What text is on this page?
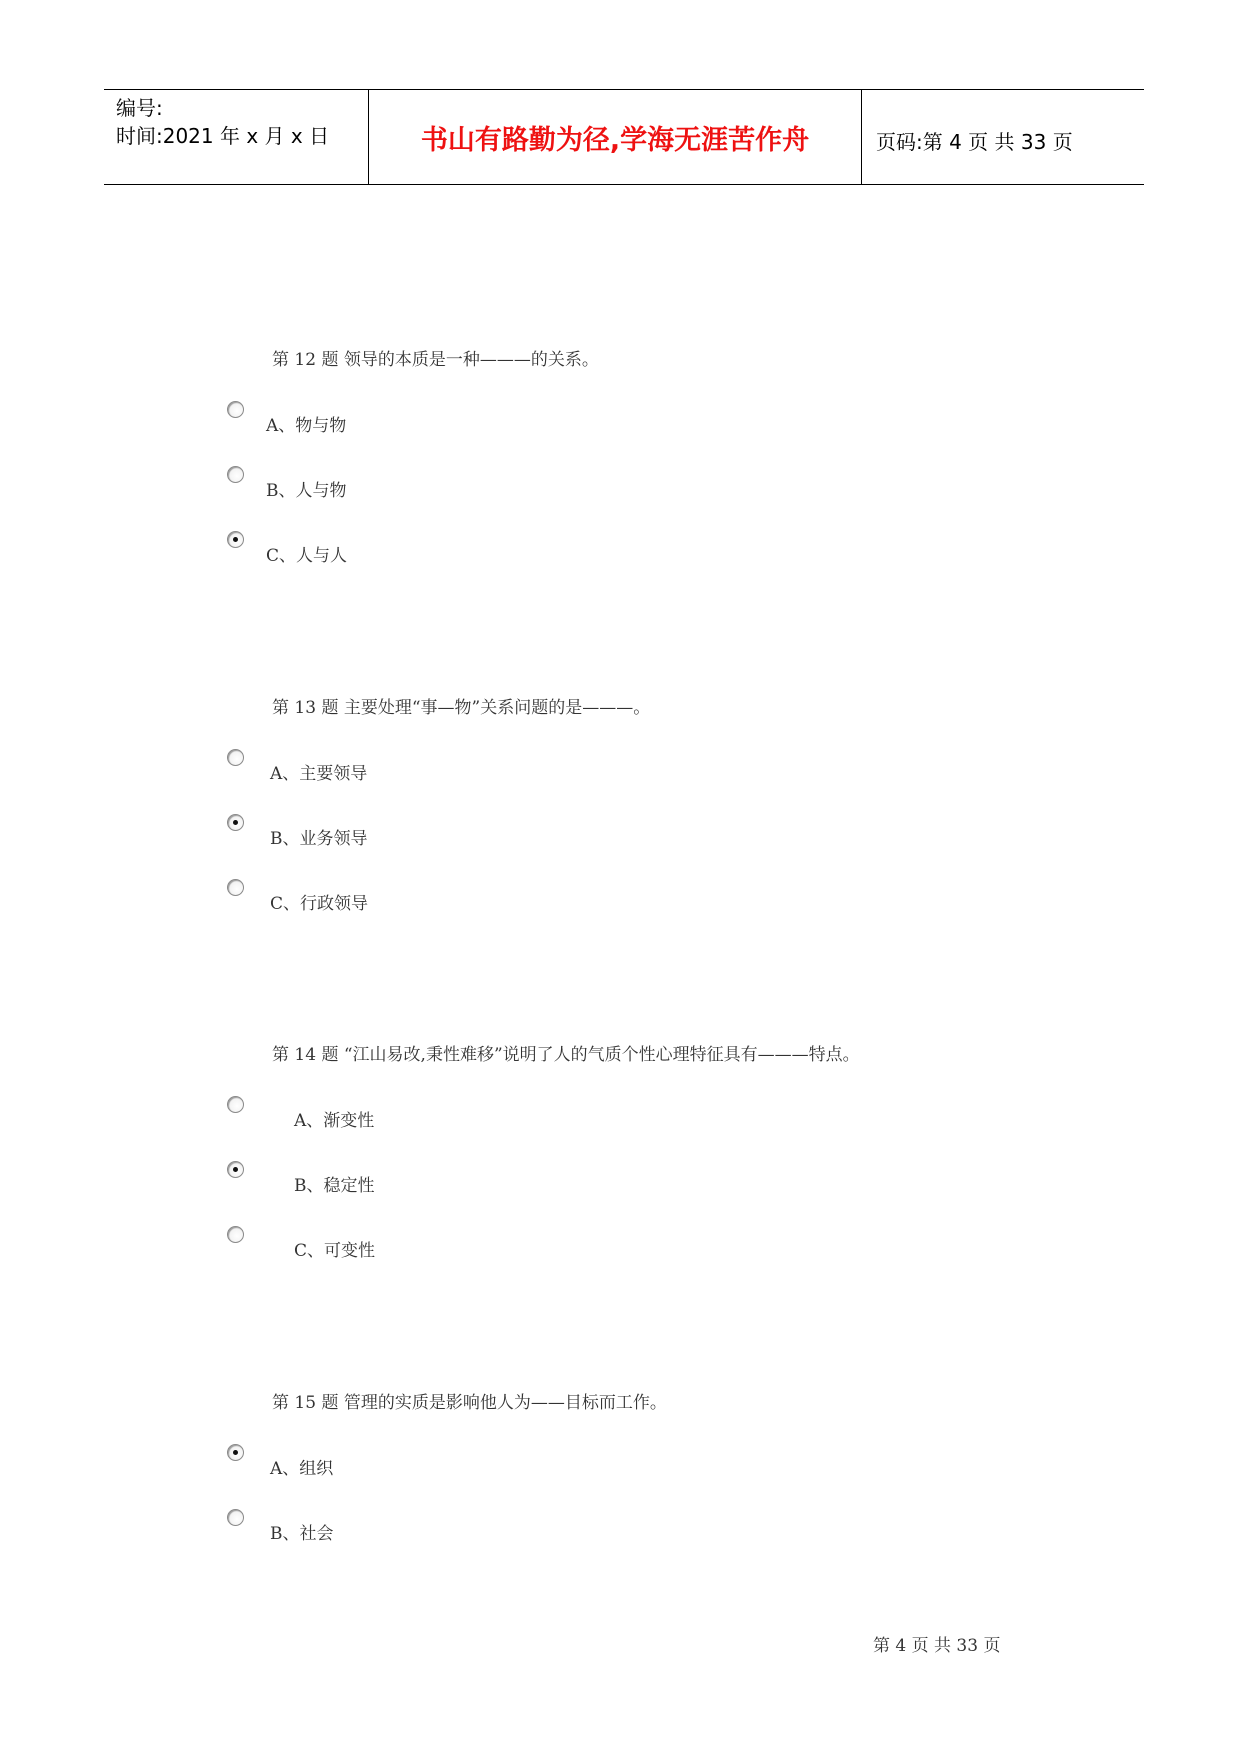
编号:
时间:2021 年 x 月 x 日	书山有路勤为径,学海无涯苦作舟	页码:第 4 页 共 33 页
第 12 题 领导的本质是一种———的关系。
A、物与物
B、人与物
C、人与人
第 13 题 主要处理“事—物”关系问题的是———。
A、主要领导
B、业务领导
C、行政领导
第 14 题 “江山易改,秉性难移”说明了人的气质个性心理特征具有———特点。
A、渐变性
B、稳定性
C、可变性
第 15 题 管理的实质是影响他人为——目标而工作。
A、组织
B、社会
第 4 页 共 33 页
